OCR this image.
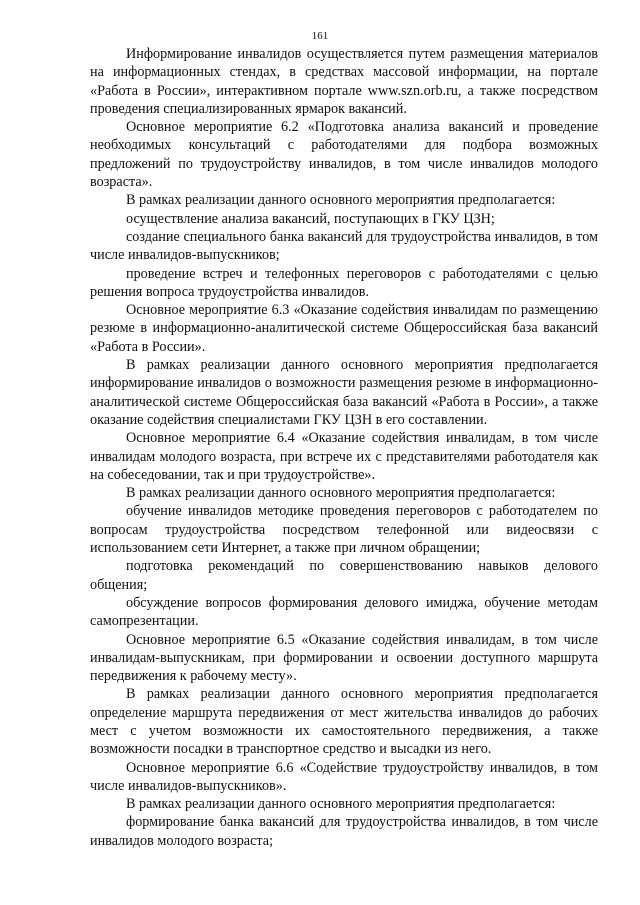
161

Информирование инвалидов осуществляется путем размещения материалов на информационных стендах, в средствах массовой информации, на портале «Работа в России», интерактивном портале www.szn.orb.ru, а также посредством проведения специализированных ярмарок вакансий.

Основное мероприятие 6.2 «Подготовка анализа вакансий и проведение необходимых консультаций с работодателями для подбора возможных предложений по трудоустройству инвалидов, в том числе инвалидов молодого возраста».

В рамках реализации данного основного мероприятия предполагается:

осуществление анализа вакансий, поступающих в ГКУ ЦЗН;

создание специального банка вакансий для трудоустройства инвалидов, в том числе инвалидов-выпускников;

проведение встреч и телефонных переговоров с работодателями с целью решения вопроса трудоустройства инвалидов.

Основное мероприятие 6.3 «Оказание содействия инвалидам по размещению резюме в информационно-аналитической системе Общероссийская база вакансий «Работа в России».

В рамках реализации данного основного мероприятия предполагается информирование инвалидов о возможности размещения резюме в информационно-аналитической системе Общероссийская база вакансий «Работа в России», а также оказание содействия специалистами ГКУ ЦЗН в его составлении.

Основное мероприятие 6.4 «Оказание содействия инвалидам, в том числе инвалидам молодого возраста, при встрече их с представителями работодателя как на собеседовании, так и при трудоустройстве».

В рамках реализации данного основного мероприятия предполагается:

обучение инвалидов методике проведения переговоров с работодателем по вопросам трудоустройства посредством телефонной или видеосвязи с использованием сети Интернет, а также при личном обращении;

подготовка рекомендаций по совершенствованию навыков делового общения;

обсуждение вопросов формирования делового имиджа, обучение методам самопрезентации.

Основное мероприятие 6.5 «Оказание содействия инвалидам, в том числе инвалидам-выпускникам, при формировании и освоении доступного маршрута передвижения к рабочему месту».

В рамках реализации данного основного мероприятия предполагается определение маршрута передвижения от мест жительства инвалидов до рабочих мест с учетом возможности их самостоятельного передвижения, а также возможности посадки в транспортное средство и высадки из него.

Основное мероприятие 6.6 «Содействие трудоустройству инвалидов, в том числе инвалидов-выпускников».

В рамках реализации данного основного мероприятия предполагается:

формирование банка вакансий для трудоустройства инвалидов, в том числе инвалидов молодого возраста;
